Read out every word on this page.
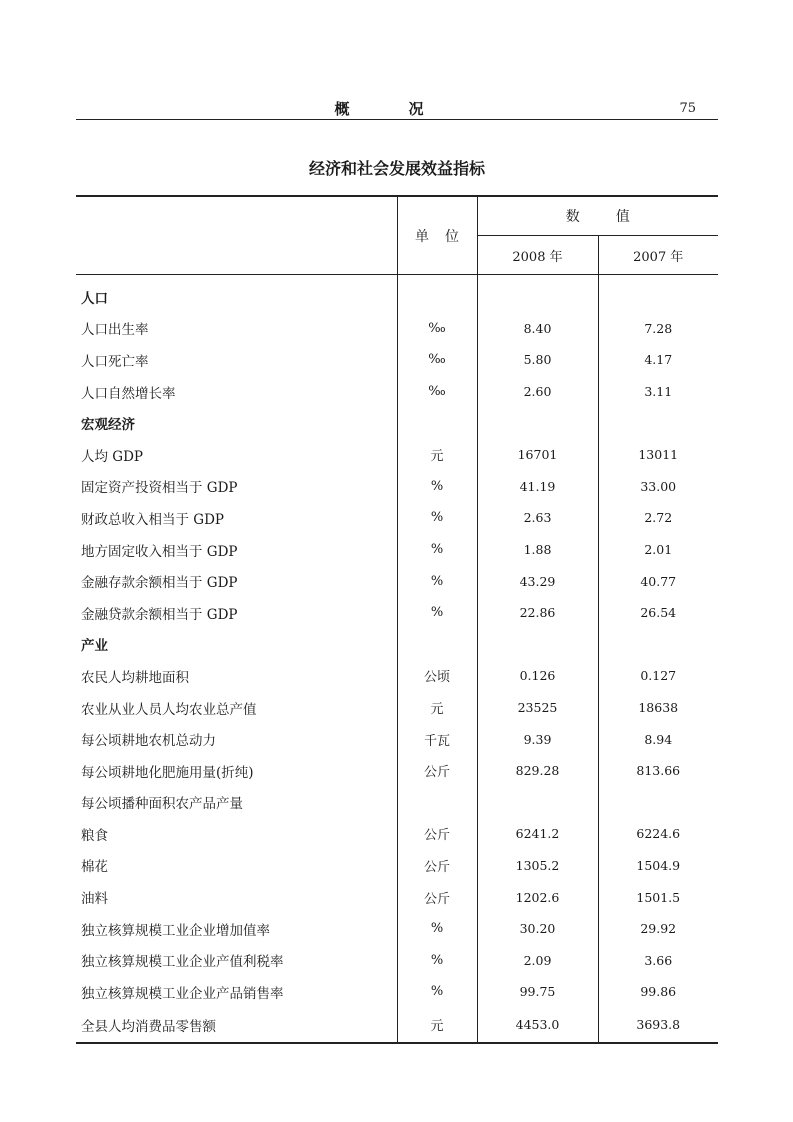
概　况	75
经济和社会发展效益指标
	单位	数值	
		2008 年	2007 年
人口			
人口出生率	‰	8.40	7.28
人口死亡率	‰	5.80	4.17
人口自然增长率	‰	2.60	3.11
宏观经济			
人均 GDP	元	16701	13011
固定资产投资相当于 GDP	%	41.19	33.00
财政总收入相当于 GDP	%	2.63	2.72
地方固定收入相当于 GDP	%	1.88	2.01
金融存款余额相当于 GDP	%	43.29	40.77
金融贷款余额相当于 GDP	%	22.86	26.54
产业			
农民人均耕地面积	公顷	0.126	0.127
农业从业人员人均农业总产值	元	23525	18638
每公顷耕地农机总动力	千瓦	9.39	8.94
每公顷耕地化肥施用量(折纯)	公斤	829.28	813.66
每公顷播种面积农产品产量			
粮食	公斤	6241.2	6224.6
棉花	公斤	1305.2	1504.9
油料	公斤	1202.6	1501.5
独立核算规模工业企业增加值率	%	30.20	29.92
独立核算规模工业企业产值利税率	%	2.09	3.66
独立核算规模工业企业产品销售率	%	99.75	99.86
全县人均消费品零售额	元	4453.0	3693.8
